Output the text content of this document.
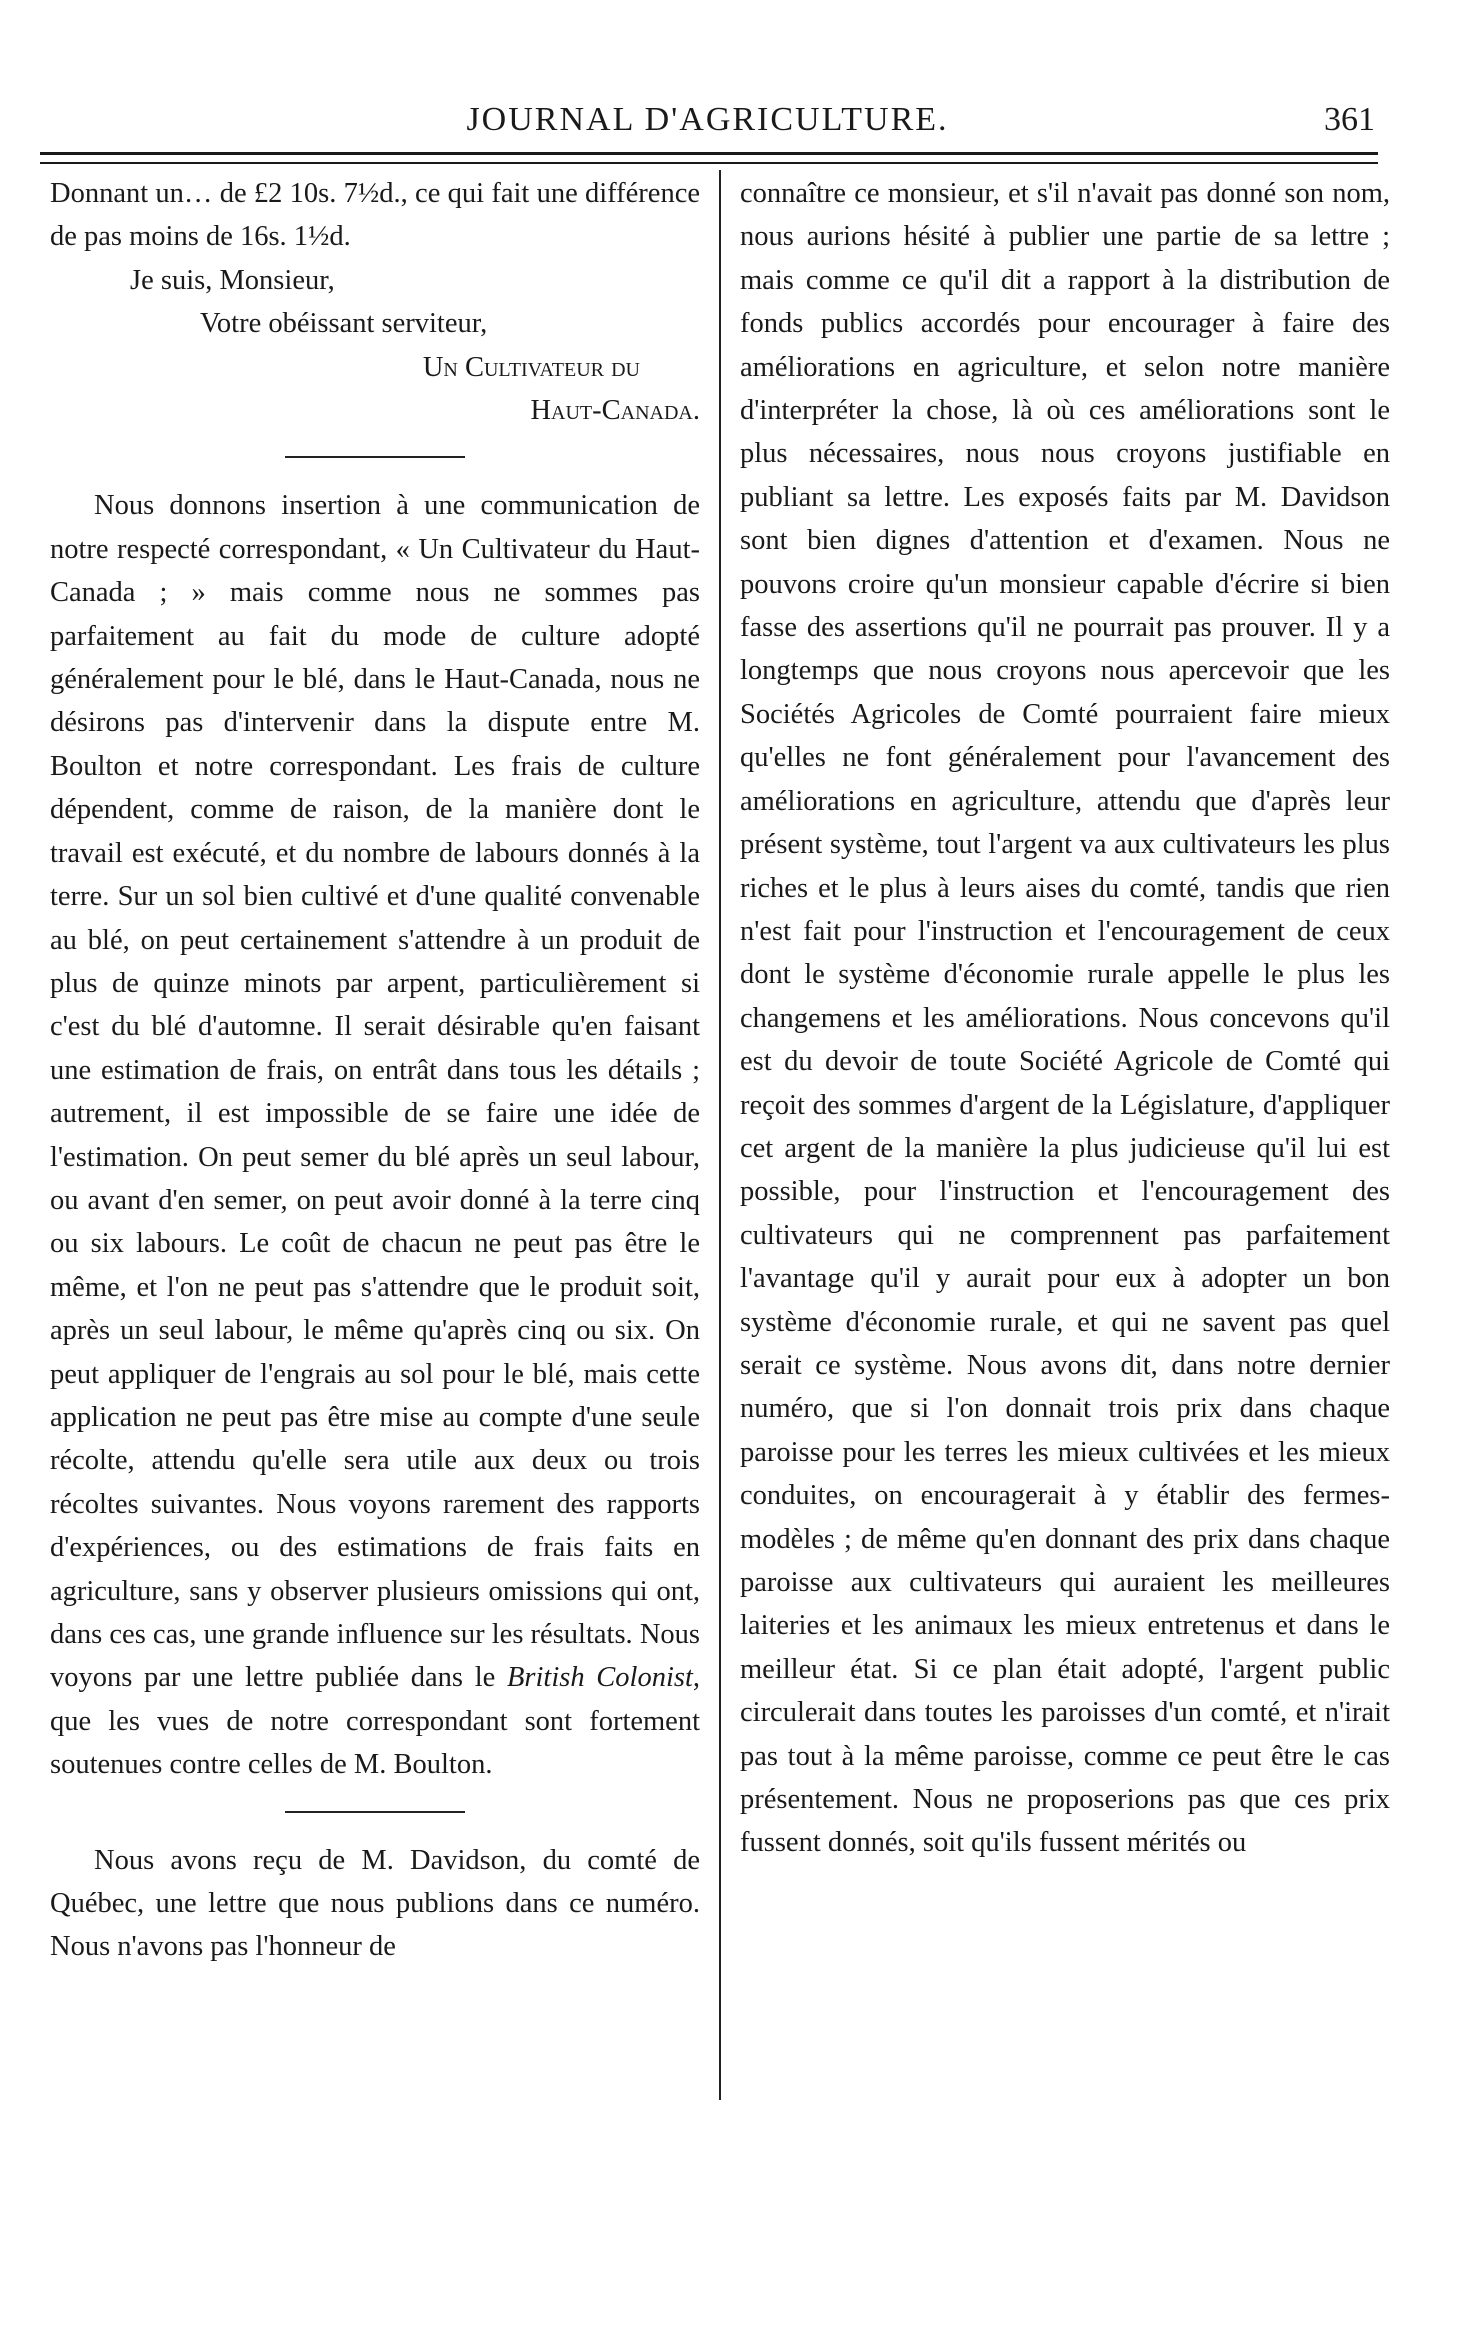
JOURNAL D'AGRICULTURE.	361

Donnant un… de £2 10s. 7½d., ce qui fait une différence de pas moins de 16s. 1½d.

Je suis, Monsieur,

Votre obéissant serviteur,

Un Cultivateur du

Haut-Canada.

Nous donnons insertion à une communication de notre respecté correspondant, « Un Cultivateur du Haut-Canada ; » mais comme nous ne sommes pas parfaitement au fait du mode de culture adopté généralement pour le blé, dans le Haut-Canada, nous ne désirons pas d'intervenir dans la dispute entre M. Boulton et notre correspondant. Les frais de culture dépendent, comme de raison, de la manière dont le travail est exécuté, et du nombre de labours donnés à la terre. Sur un sol bien cultivé et d'une qualité convenable au blé, on peut certainement s'attendre à un produit de plus de quinze minots par arpent, particulièrement si c'est du blé d'automne. Il serait désirable qu'en faisant une estimation de frais, on entrât dans tous les détails ; autrement, il est impossible de se faire une idée de l'estimation. On peut semer du blé après un seul labour, ou avant d'en semer, on peut avoir donné à la terre cinq ou six labours. Le coût de chacun ne peut pas être le même, et l'on ne peut pas s'attendre que le produit soit, après un seul labour, le même qu'après cinq ou six. On peut appliquer de l'engrais au sol pour le blé, mais cette application ne peut pas être mise au compte d'une seule récolte, attendu qu'elle sera utile aux deux ou trois récoltes suivantes. Nous voyons rarement des rapports d'expériences, ou des estimations de frais faits en agriculture, sans y observer plusieurs omissions qui ont, dans ces cas, une grande influence sur les résultats. Nous voyons par une lettre publiée dans le British Colonist, que les vues de notre correspondant sont fortement soutenues contre celles de M. Boulton.

Nous avons reçu de M. Davidson, du comté de Québec, une lettre que nous publions dans ce numéro. Nous n'avons pas l'honneur de

connaître ce monsieur, et s'il n'avait pas donné son nom, nous aurions hésité à publier une partie de sa lettre ; mais comme ce qu'il dit a rapport à la distribution de fonds publics accordés pour encourager à faire des améliorations en agriculture, et selon notre manière d'interpréter la chose, là où ces améliorations sont le plus nécessaires, nous nous croyons justifiable en publiant sa lettre. Les exposés faits par M. Davidson sont bien dignes d'attention et d'examen. Nous ne pouvons croire qu'un monsieur capable d'écrire si bien fasse des assertions qu'il ne pourrait pas prouver. Il y a longtemps que nous croyons nous apercevoir que les Sociétés Agricoles de Comté pourraient faire mieux qu'elles ne font généralement pour l'avancement des améliorations en agriculture, attendu que d'après leur présent système, tout l'argent va aux cultivateurs les plus riches et le plus à leurs aises du comté, tandis que rien n'est fait pour l'instruction et l'encouragement de ceux dont le système d'économie rurale appelle le plus les changemens et les améliorations. Nous concevons qu'il est du devoir de toute Société Agricole de Comté qui reçoit des sommes d'argent de la Législature, d'appliquer cet argent de la manière la plus judicieuse qu'il lui est possible, pour l'instruction et l'encouragement des cultivateurs qui ne comprennent pas parfaitement l'avantage qu'il y aurait pour eux à adopter un bon système d'économie rurale, et qui ne savent pas quel serait ce système. Nous avons dit, dans notre dernier numéro, que si l'on donnait trois prix dans chaque paroisse pour les terres les mieux cultivées et les mieux conduites, on encouragerait à y établir des fermes-modèles ; de même qu'en donnant des prix dans chaque paroisse aux cultivateurs qui auraient les meilleures laiteries et les animaux les mieux entretenus et dans le meilleur état. Si ce plan était adopté, l'argent public circulerait dans toutes les paroisses d'un comté, et n'irait pas tout à la même paroisse, comme ce peut être le cas présentement. Nous ne proposerions pas que ces prix fussent donnés, soit qu'ils fussent mérités ou
